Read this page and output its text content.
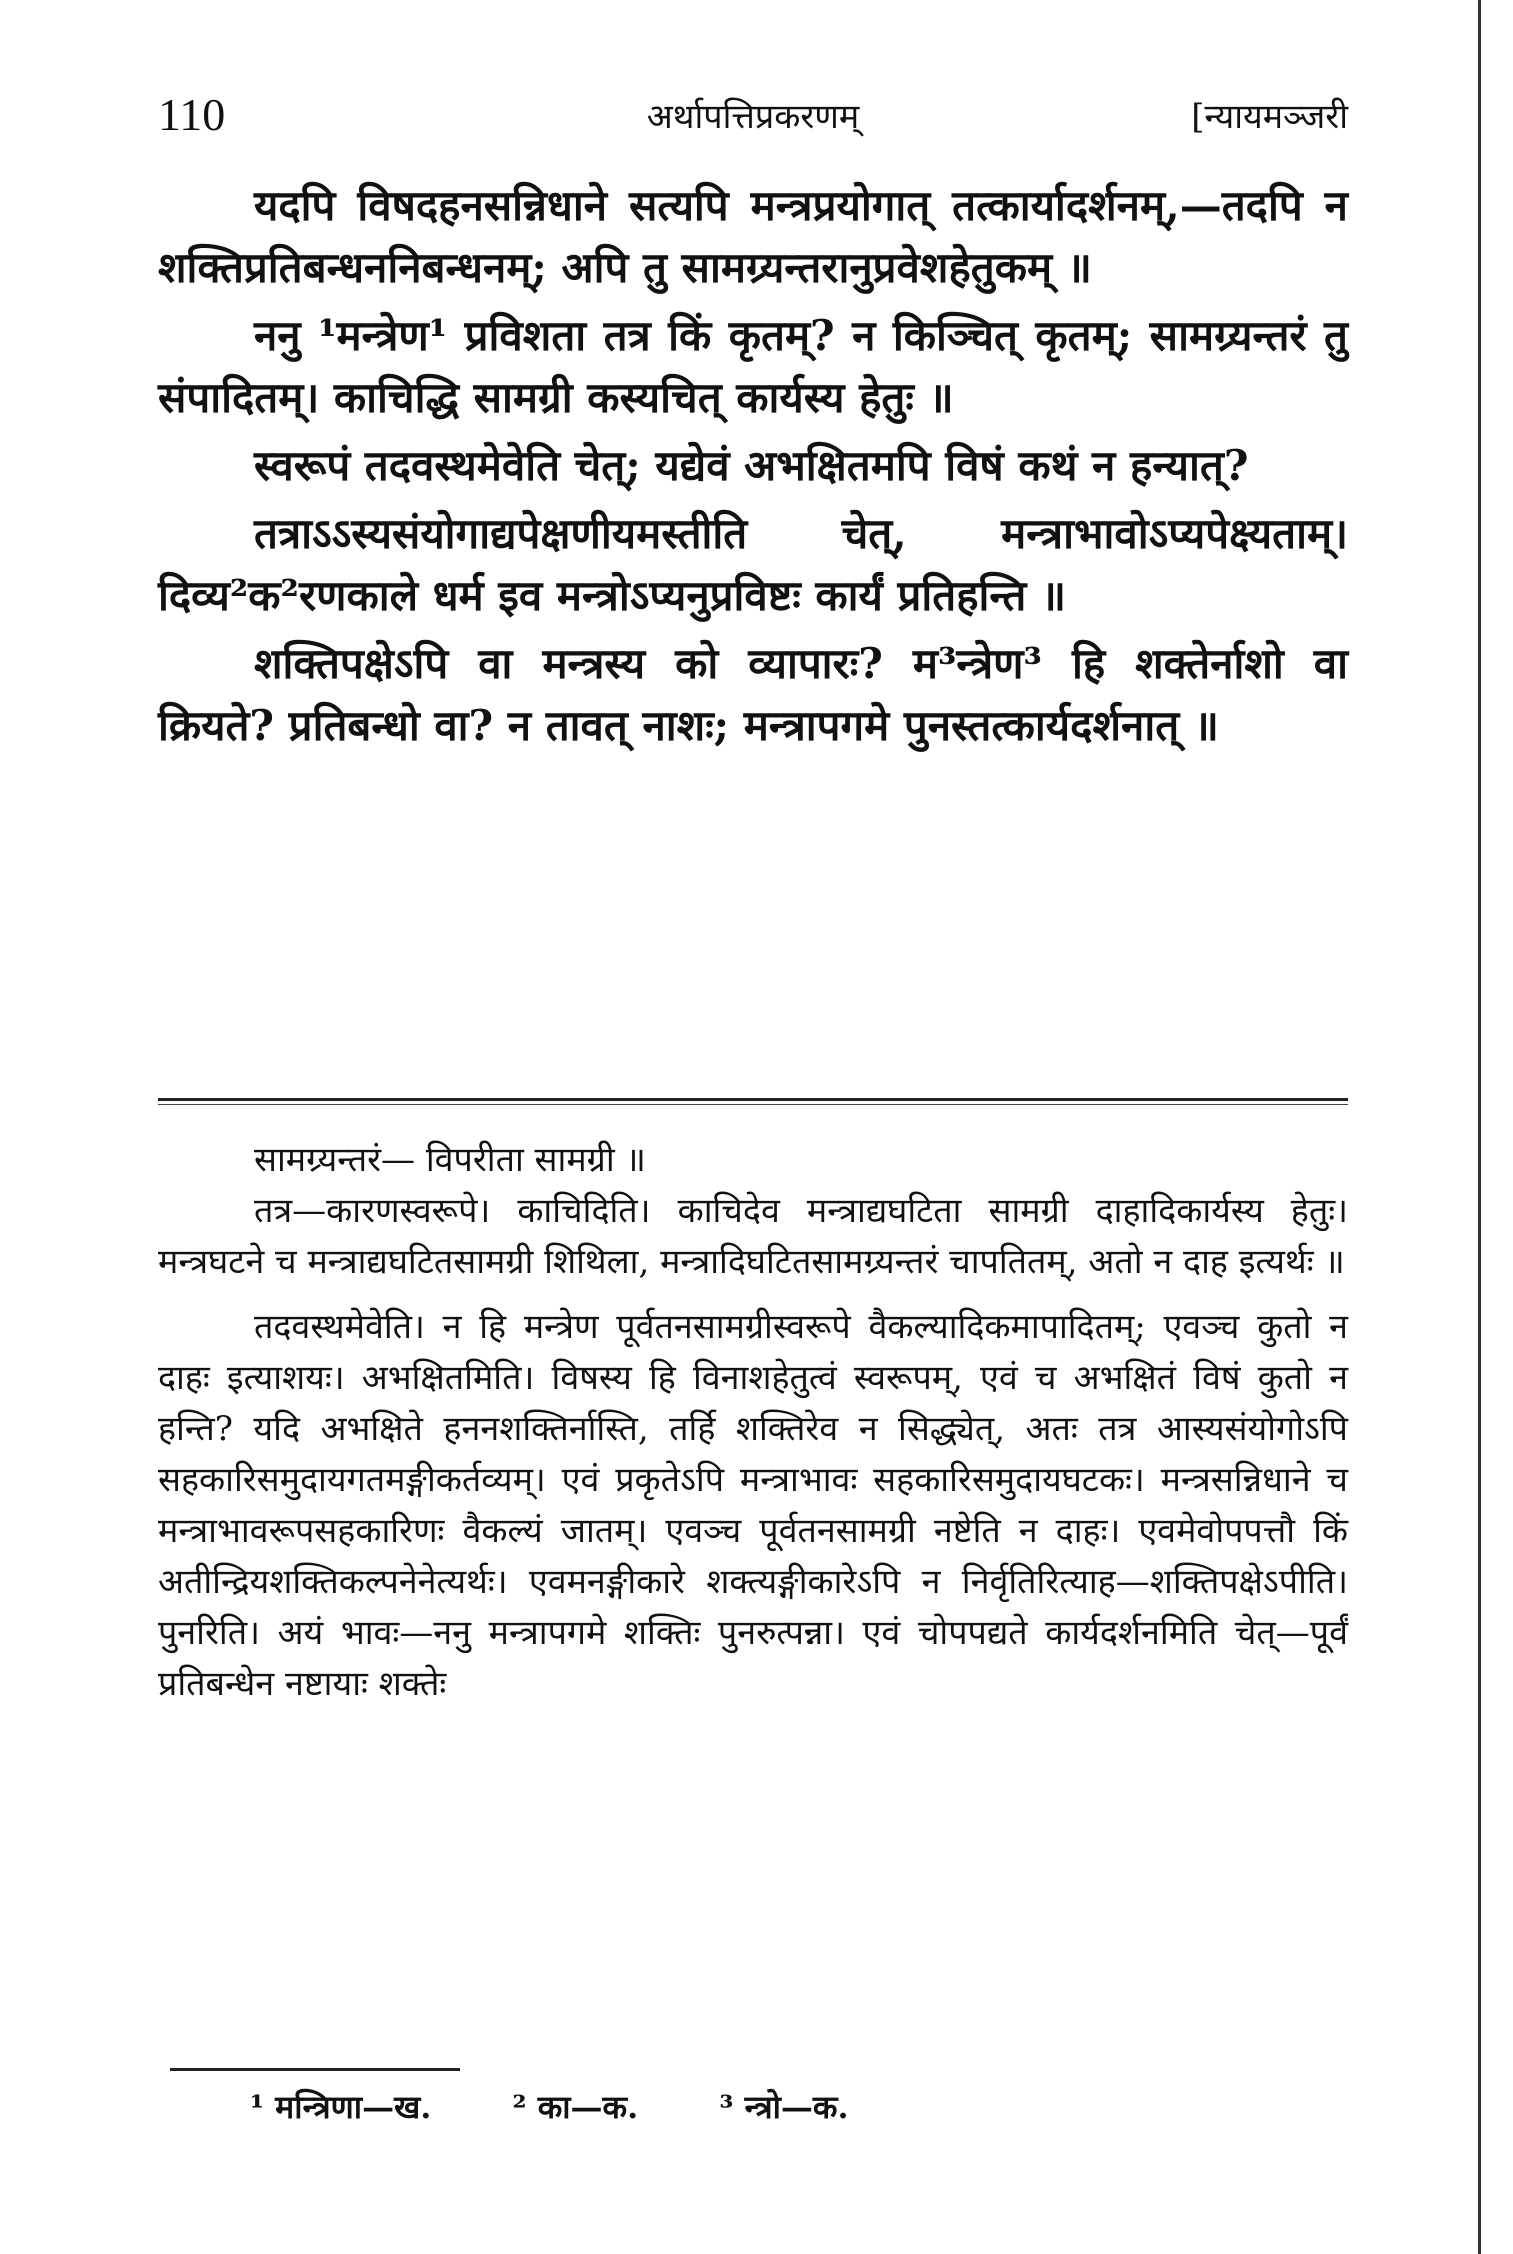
110	अर्थापत्तिप्रकरणम्	[न्यायमञ्जरी

यदपि विषदहनसन्निधाने सत्यपि मन्त्रप्रयोगात् तत्कार्यादर्शनम्,—तदपि न शक्तिप्रतिबन्धननिबन्धनम्; अपि तु सामग्र्यन्तरानुप्रवेशहेतुकम् ॥

ननु ¹मन्त्रेण¹ प्रविशता तत्र किं कृतम्? न किञ्चित् कृतम्; सामग्र्यन्तरं तु संपादितम्। काचिद्धि सामग्री कस्यचित् कार्यस्य हेतुः ॥

स्वरूपं तदवस्थमेवेति चेत्; यद्येवं अभक्षितमपि विषं कथं न हन्यात्?

तत्राऽऽस्यसंयोगाद्यपेक्षणीयमस्तीति चेत्, मन्त्राभावोऽप्यपेक्ष्यताम्। दिव्य²क²रणकाले धर्म इव मन्त्रोऽप्यनुप्रविष्टः कार्यं प्रतिहन्ति ॥

शक्तिपक्षेऽपि वा मन्त्रस्य को व्यापारः? म³न्त्रेण³ हि शक्तेर्नाशो वा क्रियते? प्रतिबन्धो वा? न तावत् नाशः; मन्त्रापगमे पुनस्तत्कार्यदर्शनात् ॥

सामग्र्यन्तरं— विपरीता सामग्री ॥

तत्र—कारणस्वरूपे। काचिदिति। काचिदेव मन्त्राद्यघटिता सामग्री दाहादिकार्यस्य हेतुः। मन्त्रघटने च मन्त्राद्यघटितसामग्री शिथिला, मन्त्रादिघटितसामग्र्यन्तरं चापतितम्, अतो न दाह इत्यर्थः ॥

तदवस्थमेवेति। न हि मन्त्रेण पूर्वतनसामग्रीस्वरूपे वैकल्यादिकमापादितम्; एवञ्च कुतो न दाहः इत्याशयः। अभक्षितमिति। विषस्य हि विनाशहेतुत्वं स्वरूपम्, एवं च अभक्षितं विषं कुतो न हन्ति? यदि अभक्षिते हननशक्तिर्नास्ति, तर्हि शक्तिरेव न सिद्ध्येत्, अतः तत्र आस्यसंयोगोऽपि सहकारिसमुदायगतमङ्गीकर्तव्यम्। एवं प्रकृतेऽपि मन्त्राभावः सहकारिसमुदायघटकः। मन्त्रसन्निधाने च मन्त्राभावरूपसहकारिणः वैकल्यं जातम्। एवञ्च पूर्वतनसामग्री नष्टेति न दाहः। एवमेवोपपत्तौ किं अतीन्द्रियशक्तिकल्पनेनेत्यर्थः। एवमनङ्गीकारे शक्त्यङ्गीकारेऽपि न निर्वृतिरित्याह—शक्तिपक्षेऽपीति। पुनरिति। अयं भावः—ननु मन्त्रापगमे शक्तिः पुनरुत्पन्ना। एवं चोपपद्यते कार्यदर्शनमिति चेत्—पूर्वं प्रतिबन्धेन नष्टायाः शक्तेः

¹ मन्त्रिणा—ख.	² का—क.	³ न्त्रो—क.
